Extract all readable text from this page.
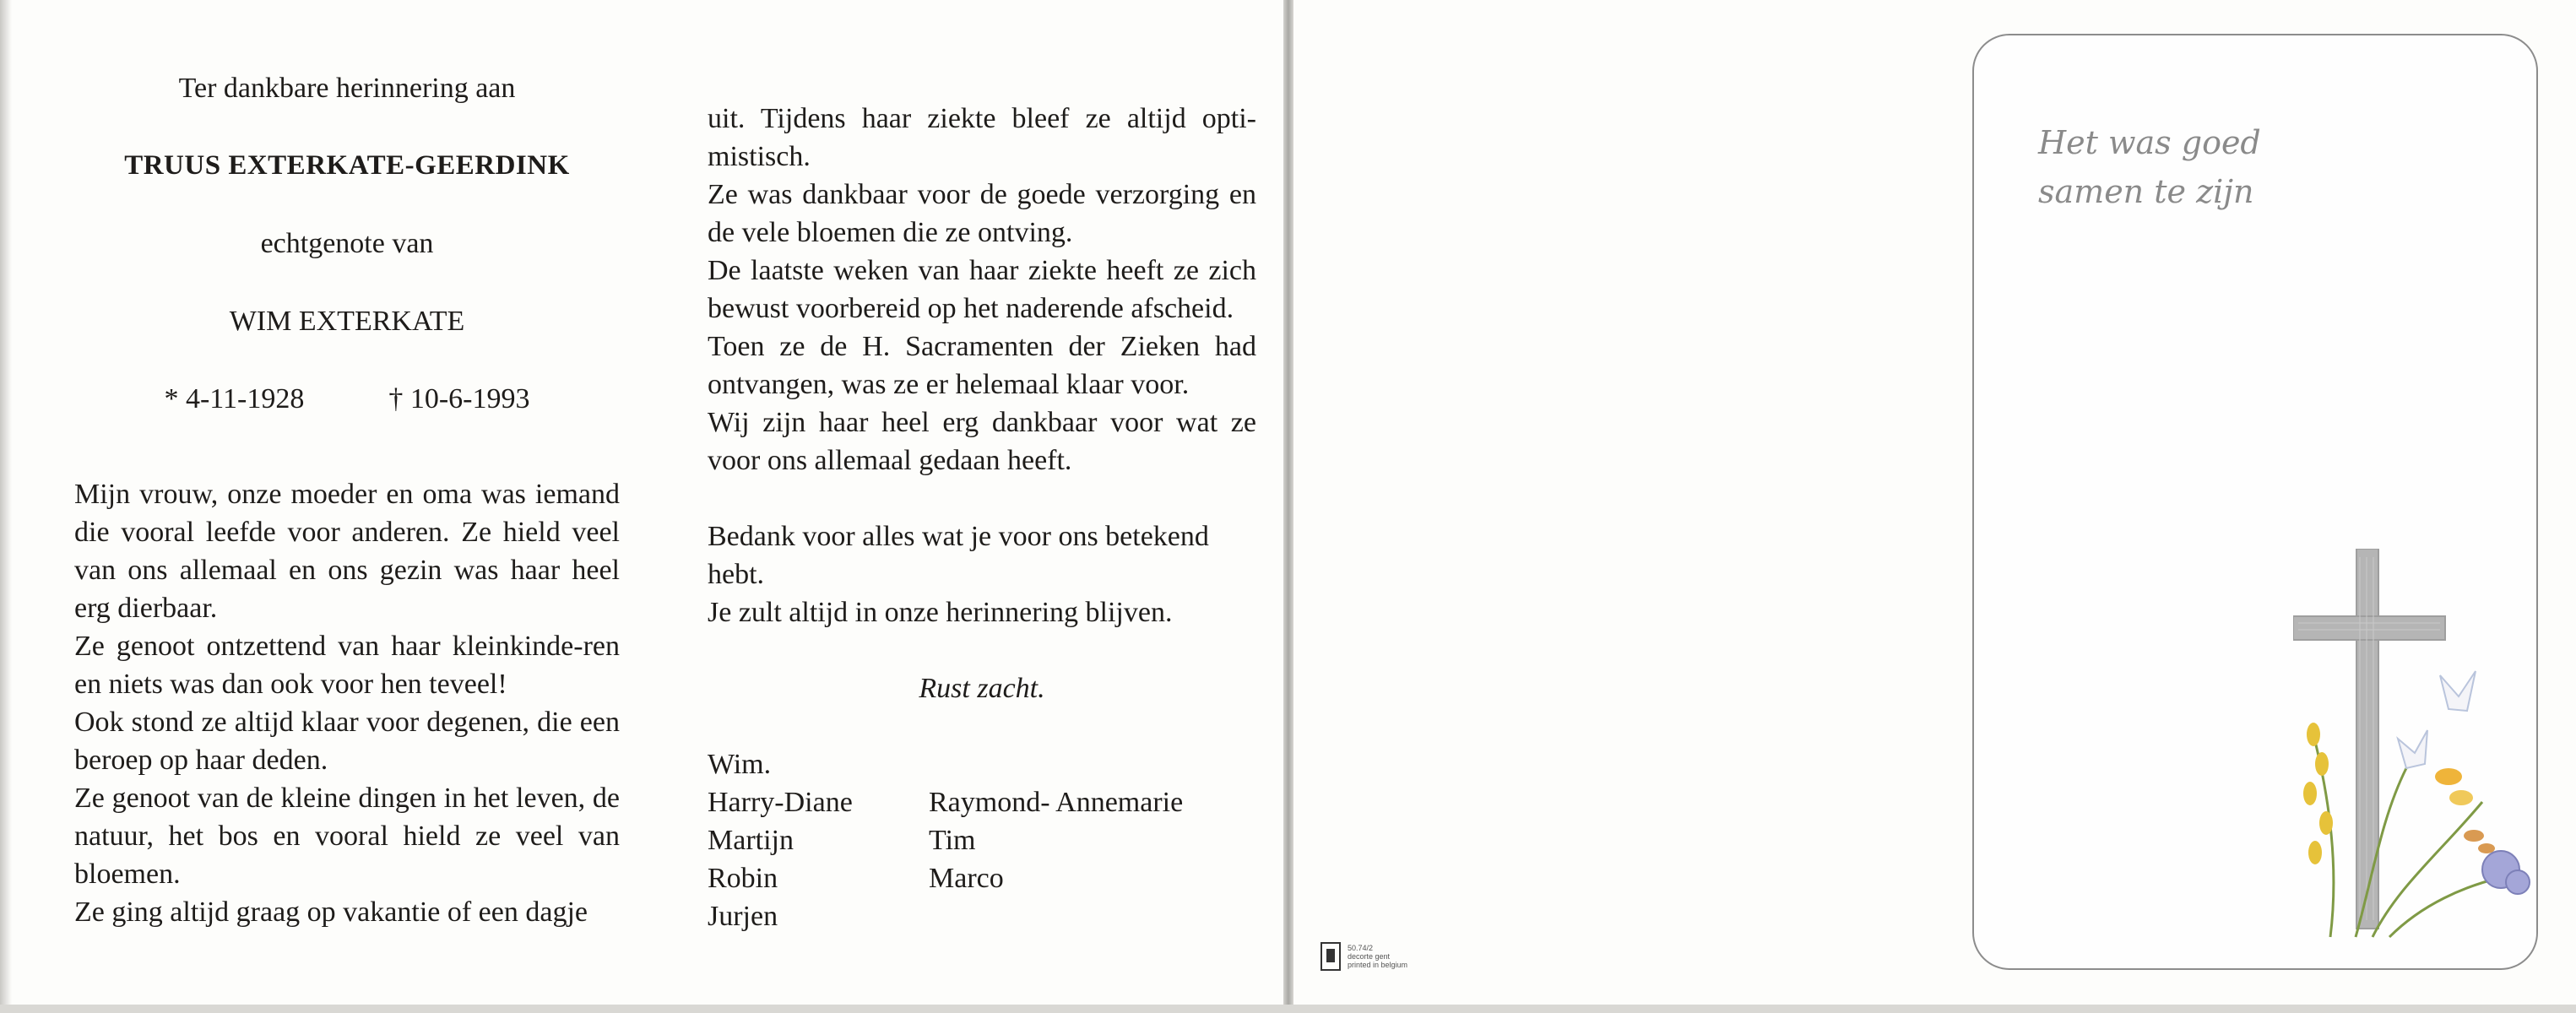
Ter dankbare herinnering aan
TRUUS EXTERKATE-GEERDINK
echtgenote van
WIM EXTERKATE
* 4-11-1928	† 10-6-1993

Mijn vrouw, onze moeder en oma was iemand die vooral leefde voor anderen. Ze hield veel van ons allemaal en ons gezin was haar heel erg dierbaar.

Ze genoot ontzettend van haar kleinkinde-ren en niets was dan ook voor hen teveel!

Ook stond ze altijd klaar voor degenen, die een beroep op haar deden.

Ze genoot van de kleine dingen in het leven, de natuur, het bos en vooral hield ze veel van bloemen.

Ze ging altijd graag op vakantie of een dagje

uit. Tijdens haar ziekte bleef ze altijd opti-mistisch.

Ze was dankbaar voor de goede verzorging en de vele bloemen die ze ontving.

De laatste weken van haar ziekte heeft ze zich bewust voorbereid op het naderende afscheid.

Toen ze de H. Sacramenten der Zieken had ontvangen, was ze er helemaal klaar voor.

Wij zijn haar heel erg dankbaar voor wat ze voor ons allemaal gedaan heeft.

Bedank voor alles wat je voor ons betekend hebt.

Je zult altijd in onze herinnering blijven.

Rust zacht.

Wim.
Harry-Diane
Martijn
Robin
Jurjen
Raymond- Annemarie
Tim
Marco
Het was goed
samen te zijn
50.74/2
decorte gent
printed in belgium
